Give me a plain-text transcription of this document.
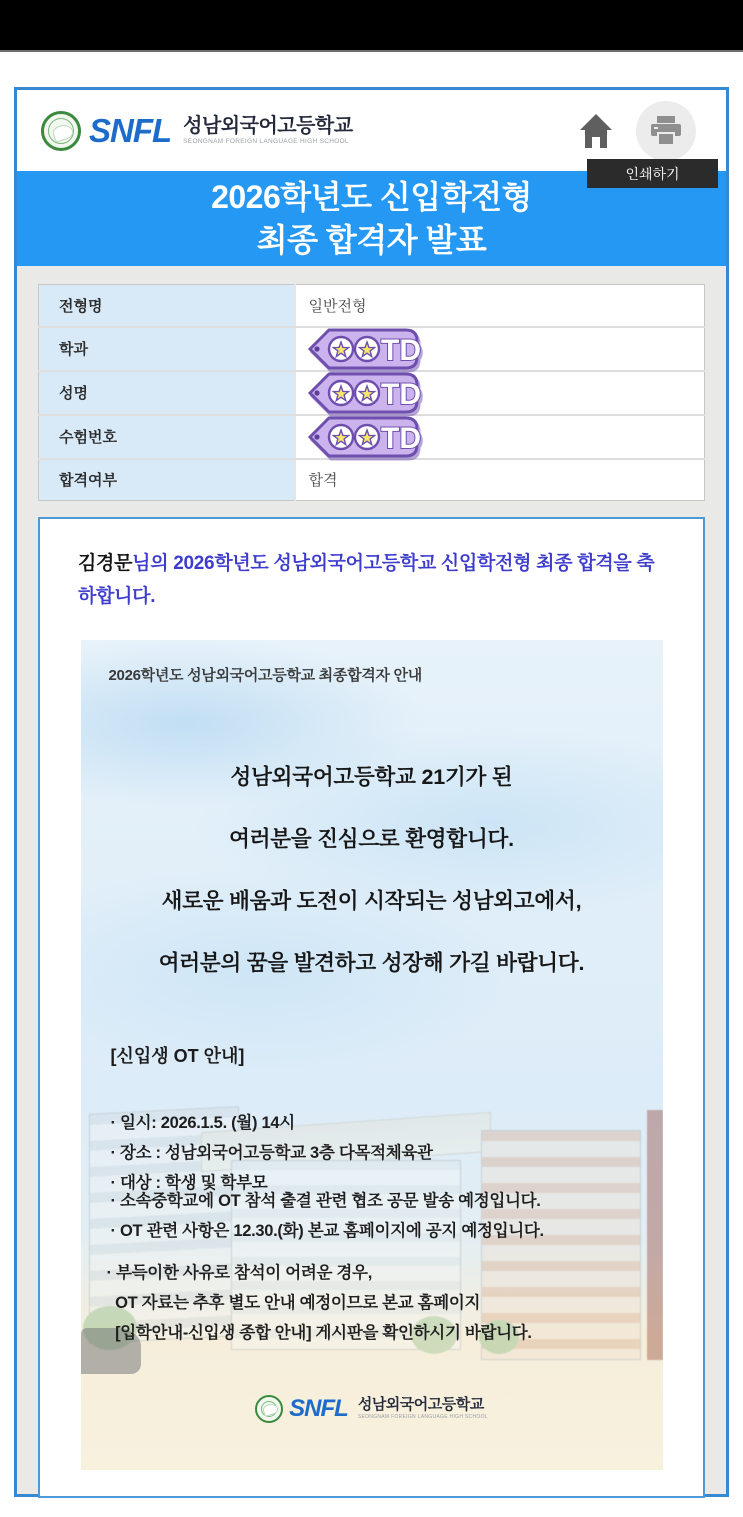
SNFL 성남외국어고등학교
SEONGNAM FOREIGN LANGUAGE HIGH SCHOOL
2026학년도 신입학전형
최종 합격자 발표
전형명	일반전형
학과	TD

성명	TD

수험번호	TD

합격여부	합격

김경문님의 2026학년도 성남외국어고등학교 신입학전형 최종 합격을 축하합니다.

2026학년도 성남외국어고등학교 최종합격자 안내
성남외국어고등학교 21기가 된
여러분을 진심으로 환영합니다.
새로운 배움과 도전이 시작되는 성남외고에서,
여러분의 꿈을 발견하고 성장해 가길 바랍니다.
[신입생 OT 안내]
· 일시: 2026.1.5. (월) 14시
· 장소 : 성남외국어고등학교 3층 다목적체육관
· 대상 : 학생 및 학부모
· 소속중학교에 OT 참석 출결 관련 협조 공문 발송 예정입니다.
· OT 관련 사항은 12.30.(화) 본교 홈페이지에 공지 예정입니다.
· 부득이한 사유로 참석이 어려운 경우,
OT 자료는 추후 별도 안내 예정이므로 본교 홈페이지
[입학안내-신입생 종합 안내] 게시판을 확인하시기 바랍니다.
SNFL 성남외국어고등학교
SEONGNAM FOREIGN LANGUAGE HIGH SCHOOL
인쇄하기
